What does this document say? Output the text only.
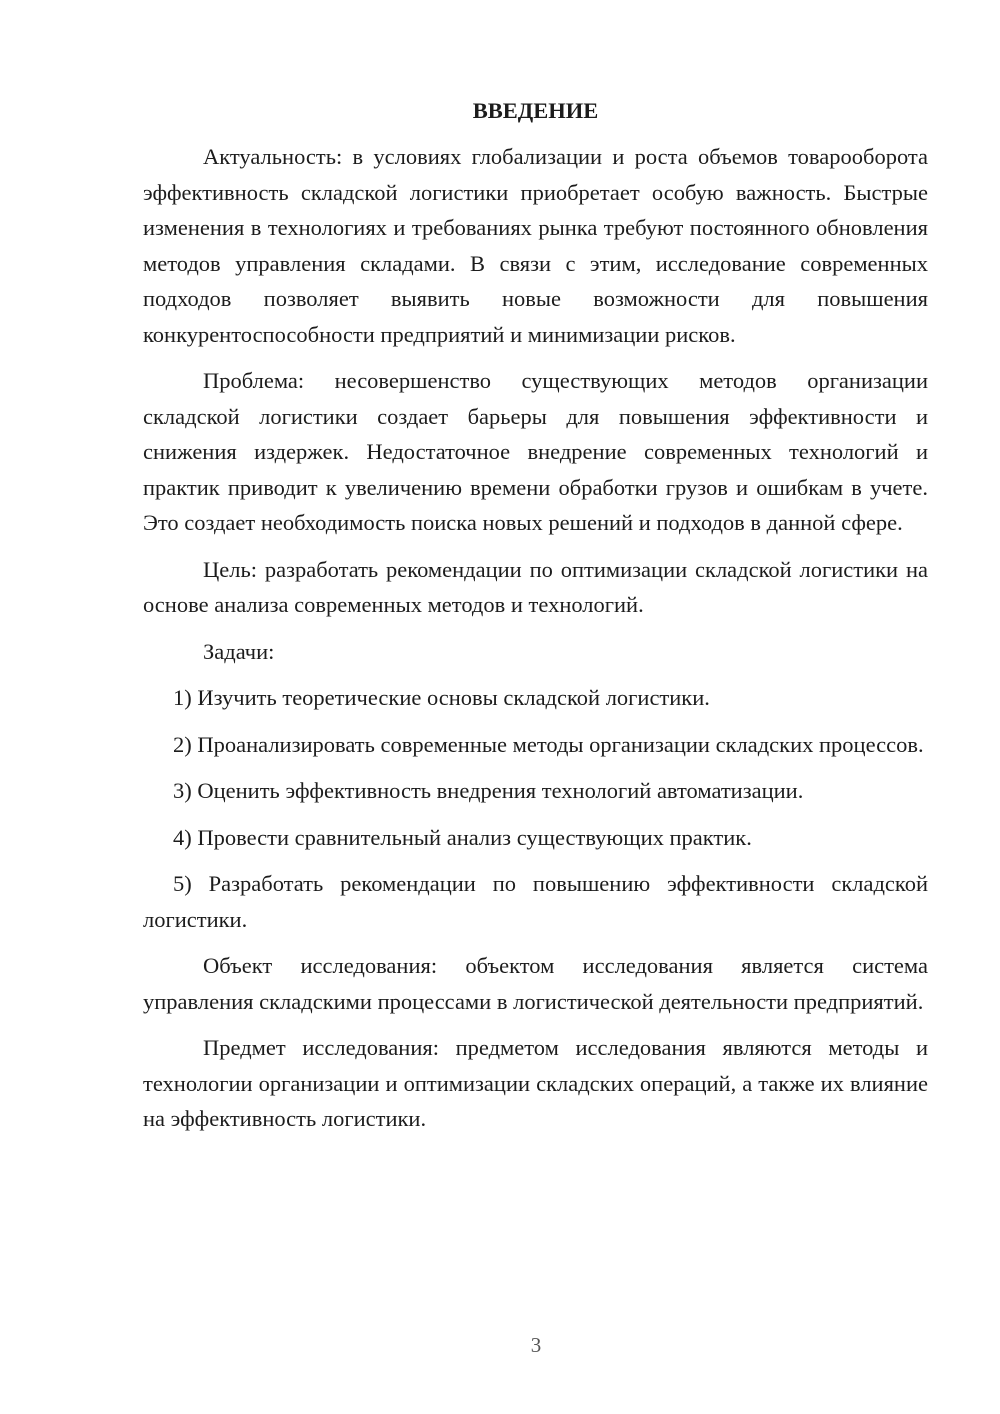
ВВЕДЕНИЕ

Актуальность: в условиях глобализации и роста объемов товарооборота эффективность складской логистики приобретает особую важность. Быстрые изменения в технологиях и требованиях рынка требуют постоянного обновления методов управления складами. В связи с этим, исследование современных подходов позволяет выявить новые возможности для повышения конкурентоспособности предприятий и минимизации рисков.

Проблема: несовершенство существующих методов организации складской логистики создает барьеры для повышения эффективности и снижения издержек. Недостаточное внедрение современных технологий и практик приводит к увеличению времени обработки грузов и ошибкам в учете. Это создает необходимость поиска новых решений и подходов в данной сфере.

Цель: разработать рекомендации по оптимизации складской логистики на основе анализа современных методов и технологий.

Задачи:

1) Изучить теоретические основы складской логистики.

2) Проанализировать современные методы организации складских процессов.

3) Оценить эффективность внедрения технологий автоматизации.

4) Провести сравнительный анализ существующих практик.

5) Разработать рекомендации по повышению эффективности складской логистики.

Объект исследования: объектом исследования является система управления складскими процессами в логистической деятельности предприятий.

Предмет исследования: предметом исследования являются методы и технологии организации и оптимизации складских операций, а также их влияние на эффективность логистики.

3
